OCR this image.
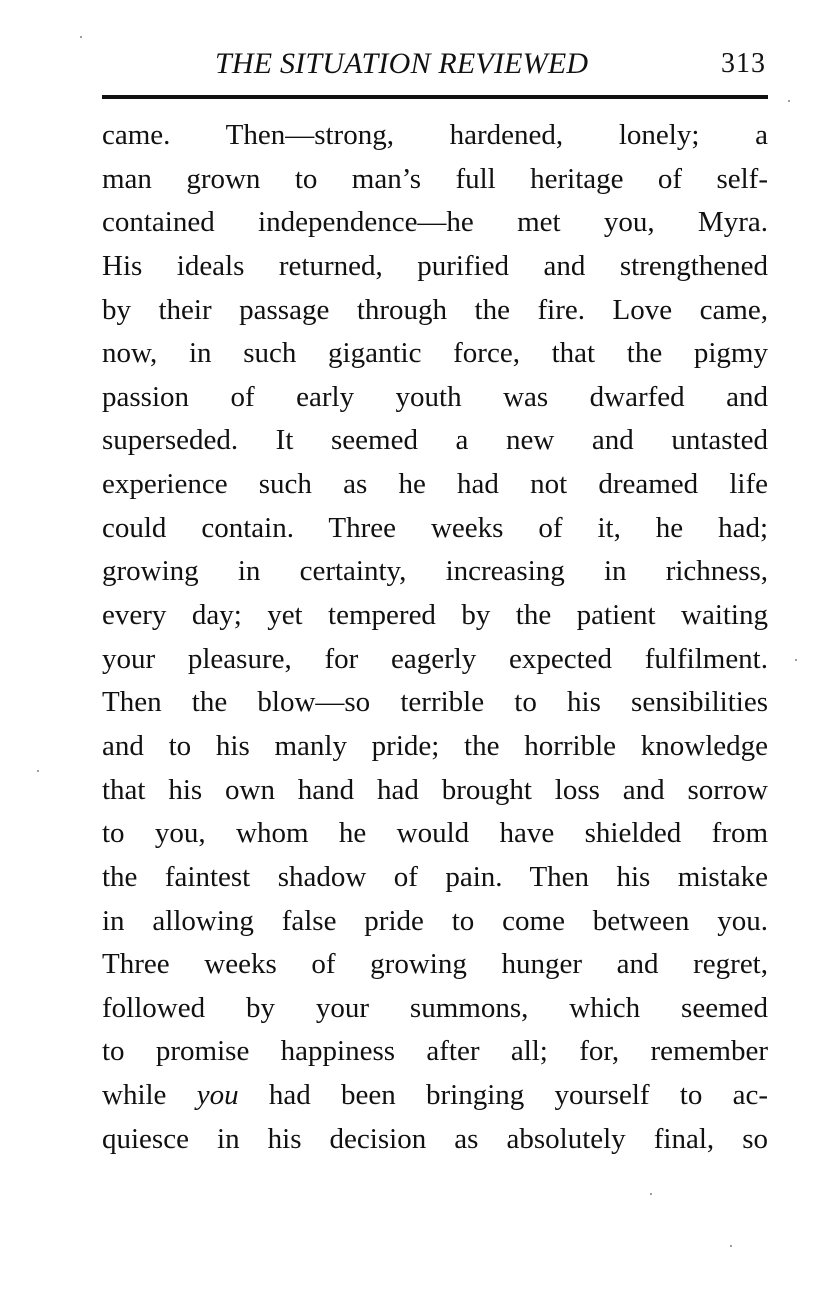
THE SITUATION REVIEWED	313
came. Then—strong, hardened, lonely; a
man grown to man’s full heritage of self-
contained independence—he met you, Myra.
His ideals returned, purified and strengthened
by their passage through the fire. Love came,
now, in such gigantic force, that the pigmy
passion of early youth was dwarfed and
superseded. It seemed a new and untasted
experience such as he had not dreamed life
could contain. Three weeks of it, he had;
growing in certainty, increasing in richness,
every day; yet tempered by the patient waiting
your pleasure, for eagerly expected fulfilment.
Then the blow—so terrible to his sensibilities
and to his manly pride; the horrible knowledge
that his own hand had brought loss and sorrow
to you, whom he would have shielded from
the faintest shadow of pain. Then his mistake
in allowing false pride to come between you.
Three weeks of growing hunger and regret,
followed by your summons, which seemed
to promise happiness after all; for, remember
while you had been bringing yourself to ac-
quiesce in his decision as absolutely final, so
